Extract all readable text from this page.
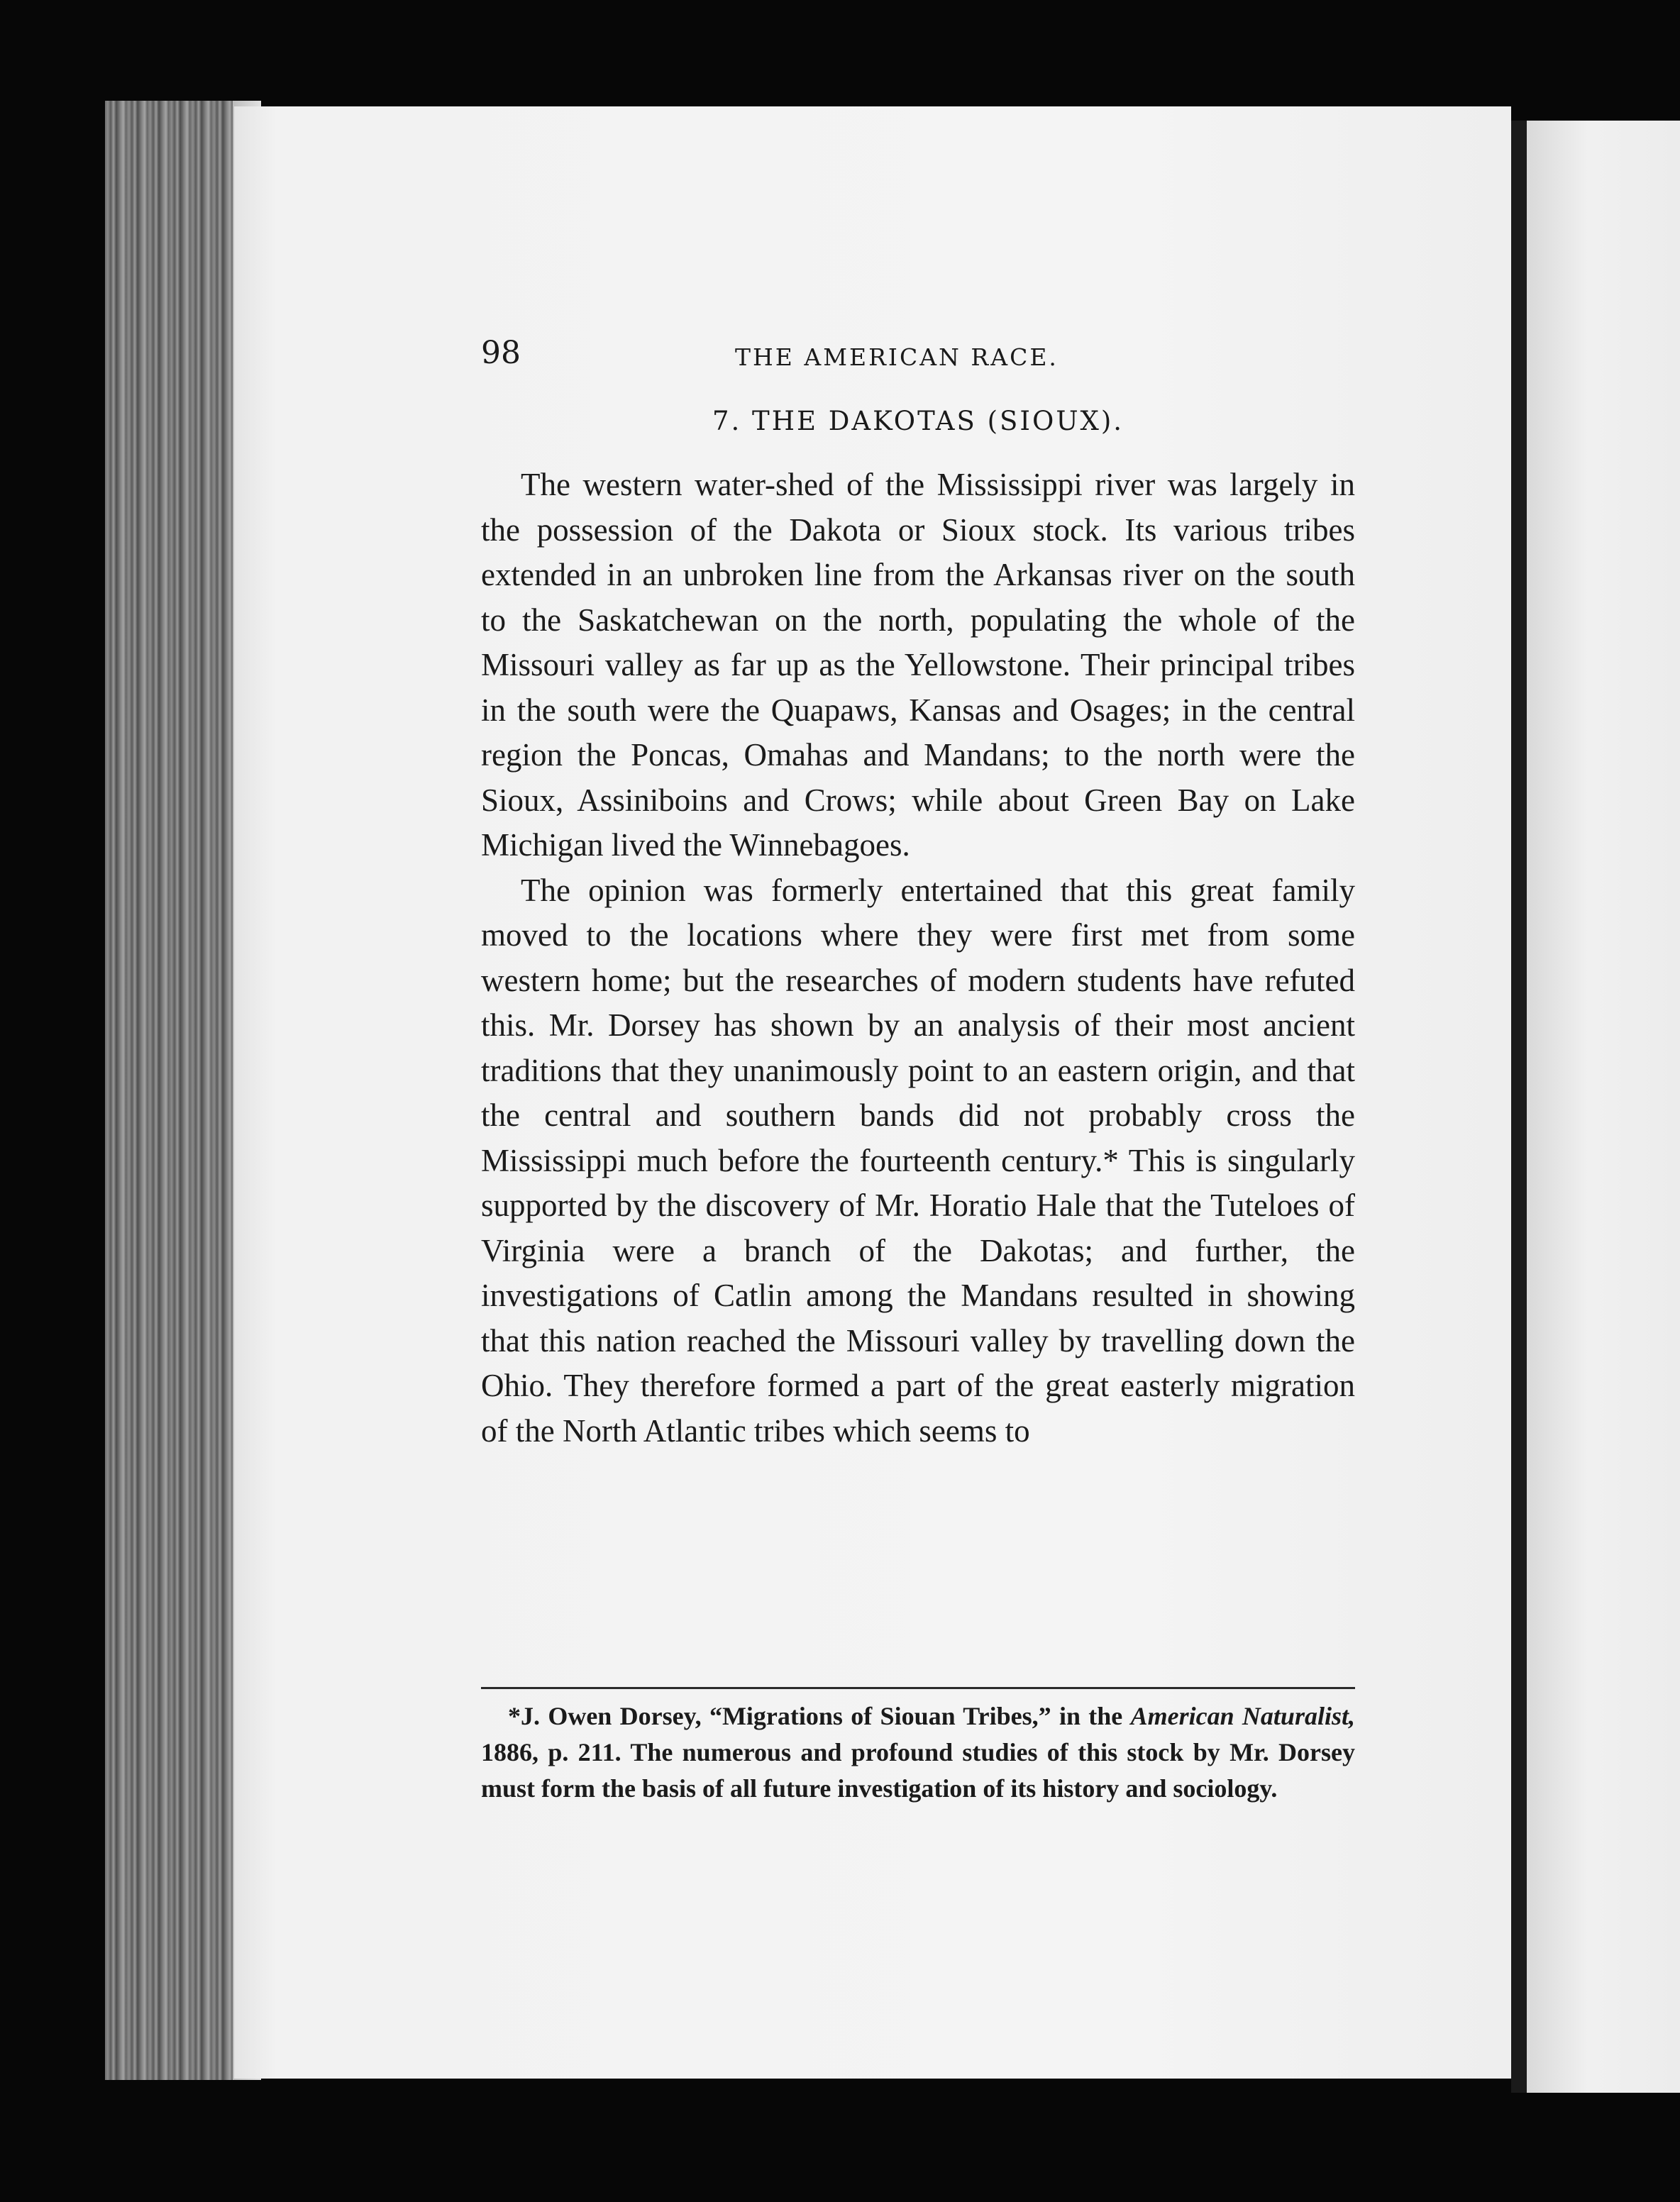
98	THE AMERICAN RACE.
7. THE DAKOTAS (SIOUX).

The western water-shed of the Mississippi river was largely in the possession of the Dakota or Sioux stock. Its various tribes extended in an unbroken line from the Arkansas river on the south to the Saskatchewan on the north, populating the whole of the Missouri valley as far up as the Yellowstone. Their principal tribes in the south were the Quapaws, Kansas and Osages; in the central region the Poncas, Omahas and Mandans; to the north were the Sioux, Assiniboins and Crows; while about Green Bay on Lake Michigan lived the Winnebagoes.

The opinion was formerly entertained that this great family moved to the locations where they were first met from some western home; but the researches of modern students have refuted this. Mr. Dorsey has shown by an analysis of their most ancient traditions that they unanimously point to an eastern origin, and that the central and southern bands did not probably cross the Mississippi much before the fourteenth century.* This is singularly supported by the discovery of Mr. Horatio Hale that the Tuteloes of Virginia were a branch of the Dakotas; and further, the investigations of Catlin among the Mandans resulted in showing that this nation reached the Missouri valley by travelling down the Ohio. They therefore formed a part of the great easterly migration of the North Atlantic tribes which seems to

*J. Owen Dorsey, “Migrations of Siouan Tribes,” in the American Naturalist, 1886, p. 211. The numerous and profound studies of this stock by Mr. Dorsey must form the basis of all future investigation of its history and sociology.
